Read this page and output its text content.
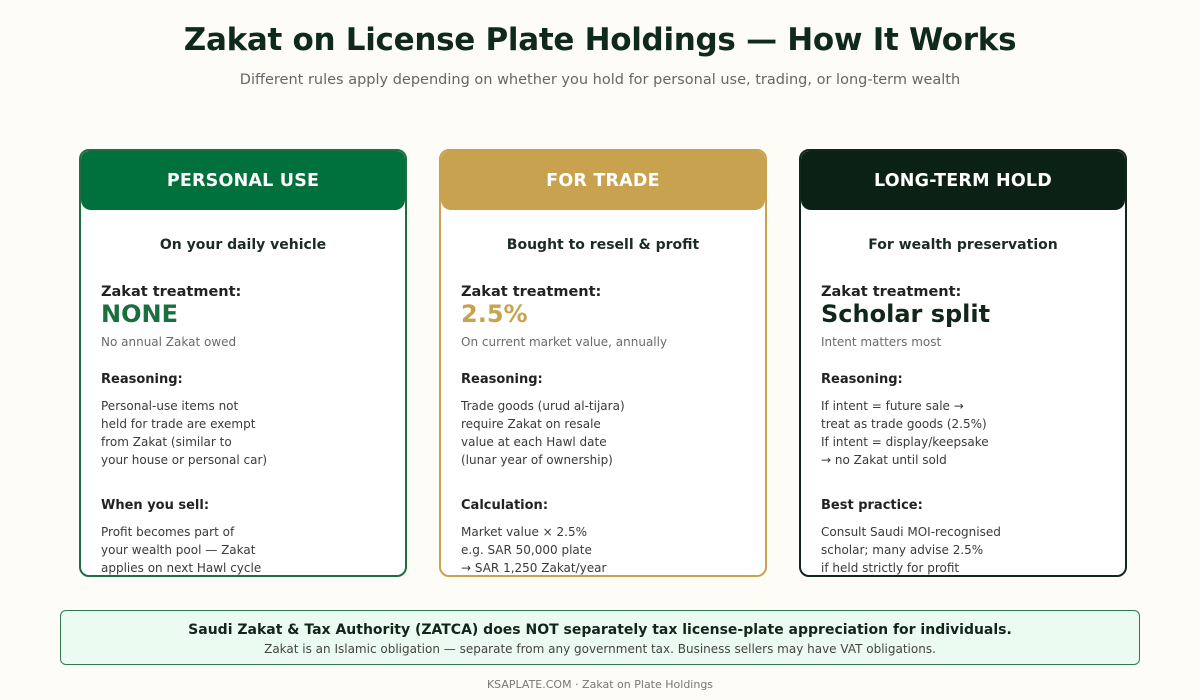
Zakat on License Plate Holdings — How It Works
Different rules apply depending on whether you hold for personal use, trading, or long-term wealth
PERSONAL USE
On your daily vehicle
Zakat treatment:
NONE
No annual Zakat owed
Reasoning:
Personal-use items not
held for trade are exempt
from Zakat (similar to
your house or personal car)
When you sell:
Profit becomes part of
your wealth pool — Zakat
applies on next Hawl cycle
FOR TRADE
Bought to resell & profit
Zakat treatment:
2.5%
On current market value, annually
Reasoning:
Trade goods (urud al-tijara)
require Zakat on resale
value at each Hawl date
(lunar year of ownership)
Calculation:
Market value × 2.5%
e.g. SAR 50,000 plate
→ SAR 1,250 Zakat/year
LONG-TERM HOLD
For wealth preservation
Zakat treatment:
Scholar split
Intent matters most
Reasoning:
If intent = future sale →
treat as trade goods (2.5%)
If intent = display/keepsake
→ no Zakat until sold
Best practice:
Consult Saudi MOI-recognised
scholar; many advise 2.5%
if held strictly for profit
Saudi Zakat & Tax Authority (ZATCA) does NOT separately tax license-plate appreciation for individuals.
Zakat is an Islamic obligation — separate from any government tax. Business sellers may have VAT obligations.
KSAPLATE.COM · Zakat on Plate Holdings
